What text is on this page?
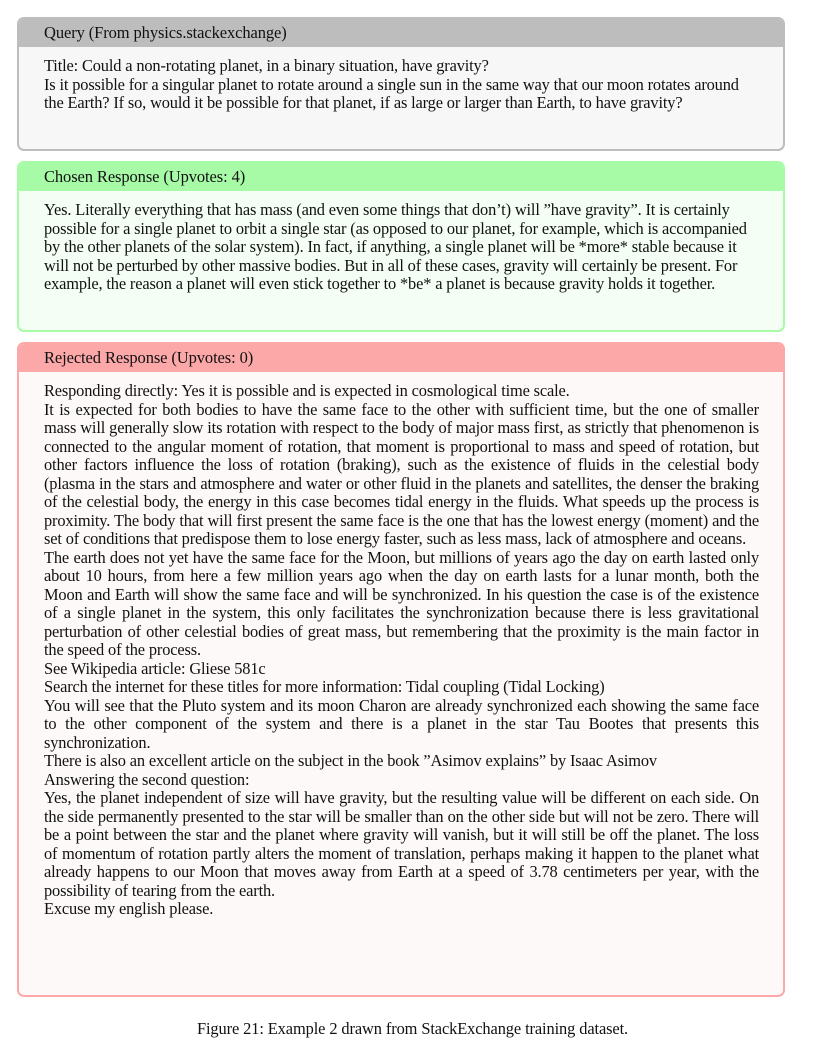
Query (From physics.stackexchange)

Title: Could a non-rotating planet, in a binary situation, have gravity?

Is it possible for a singular planet to rotate around a single sun in the same way that our moon rotates around the Earth? If so, would it be possible for that planet, if as large or larger than Earth, to have gravity?

Chosen Response (Upvotes: 4)

Yes. Literally everything that has mass (and even some things that don’t) will ”have gravity”. It is certainly possible for a single planet to orbit a single star (as opposed to our planet, for example, which is accompanied by the other planets of the solar system). In fact, if anything, a single planet will be *more* stable because it will not be perturbed by other massive bodies. But in all of these cases, gravity will certainly be present. For example, the reason a planet will even stick together to *be* a planet is because gravity holds it together.

Rejected Response (Upvotes: 0)

Responding directly: Yes it is possible and is expected in cosmological time scale.

It is expected for both bodies to have the same face to the other with sufficient time, but the one of smaller mass will generally slow its rotation with respect to the body of major mass first, as strictly that phenomenon is connected to the angular moment of rotation, that moment is proportional to mass and speed of rotation, but other factors influence the loss of rotation (braking), such as the existence of fluids in the celestial body (plasma in the stars and atmosphere and water or other fluid in the planets and satellites, the denser the braking of the celestial body, the energy in this case becomes tidal energy in the fluids. What speeds up the process is proximity. The body that will first present the same face is the one that has the lowest energy (moment) and the set of conditions that predispose them to lose energy faster, such as less mass, lack of atmosphere and oceans.

The earth does not yet have the same face for the Moon, but millions of years ago the day on earth lasted only about 10 hours, from here a few million years ago when the day on earth lasts for a lunar month, both the Moon and Earth will show the same face and will be synchronized. In his question the case is of the existence of a single planet in the system, this only facilitates the synchronization because there is less gravitational perturbation of other celestial bodies of great mass, but remembering that the proximity is the main factor in the speed of the process.

See Wikipedia article: Gliese 581c

Search the internet for these titles for more information: Tidal coupling (Tidal Locking)

You will see that the Pluto system and its moon Charon are already synchronized each showing the same face to the other component of the system and there is a planet in the star Tau Bootes that presents this synchronization.

There is also an excellent article on the subject in the book ”Asimov explains” by Isaac Asimov

Answering the second question:

Yes, the planet independent of size will have gravity, but the resulting value will be different on each side. On the side permanently presented to the star will be smaller than on the other side but will not be zero. There will be a point between the star and the planet where gravity will vanish, but it will still be off the planet. The loss of momentum of rotation partly alters the moment of translation, perhaps making it happen to the planet what already happens to our Moon that moves away from Earth at a speed of 3.78 centimeters per year, with the possibility of tearing from the earth.

Excuse my english please.

Figure 21: Example 2 drawn from StackExchange training dataset.
